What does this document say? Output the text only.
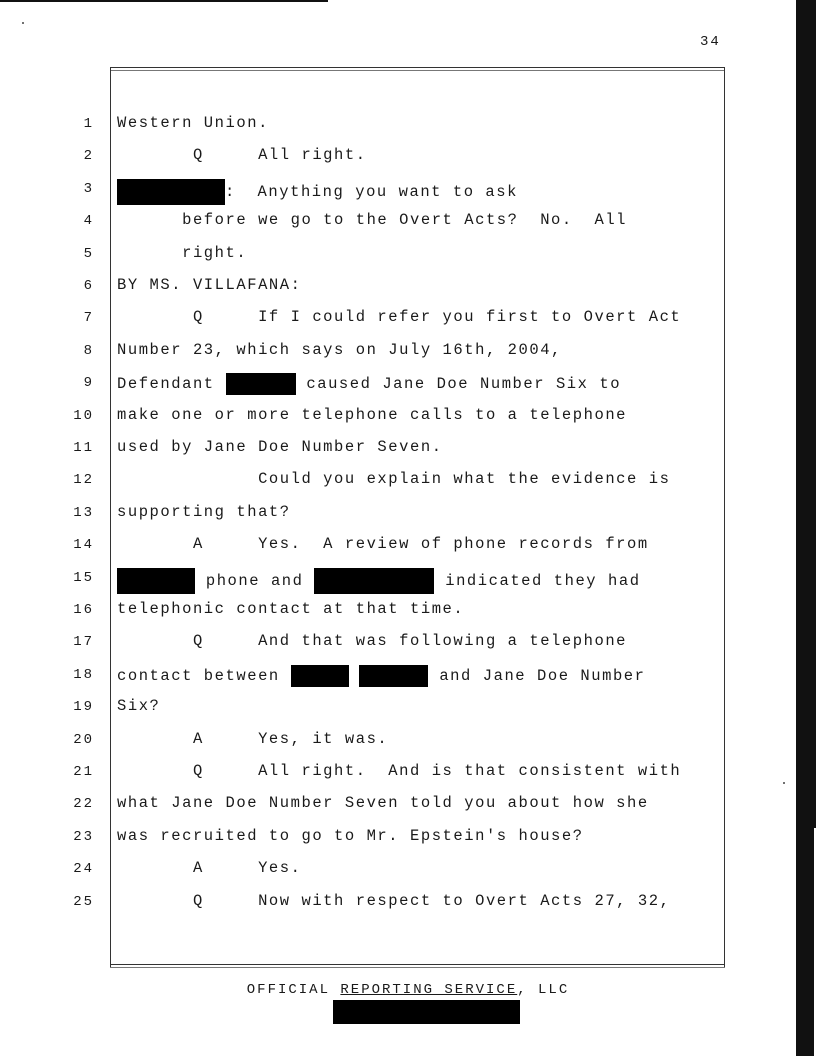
34
1 Western Union.

2 Q     All right.

3	:  Anything you want to ask

4 before we go to the Overt Acts?  No.  All

5 right.

6 BY MS. VILLAFANA:

7 Q     If I could refer you first to Overt Act

8 Number 23, which says on July 16th, 2004,

9 Defendant	caused Jane Doe Number Six to

10 make one or more telephone calls to a telephone

11 used by Jane Doe Number Seven.

12 Could you explain what the evidence is

13 supporting that?

14 A     Yes.  A review of phone records from

15	phone and	indicated they had

16 telephonic contact at that time.

17 Q     And that was following a telephone

18 contact between	and Jane Doe Number

19 Six?

20 A     Yes, it was.

21 Q     All right.  And is that consistent with

22 what Jane Doe Number Seven told you about how she

23 was recruited to go to Mr. Epstein's house?

24 A     Yes.

25 Q     Now with respect to Overt Acts 27, 32,

OFFICIAL REPORTING SERVICE, LLC
